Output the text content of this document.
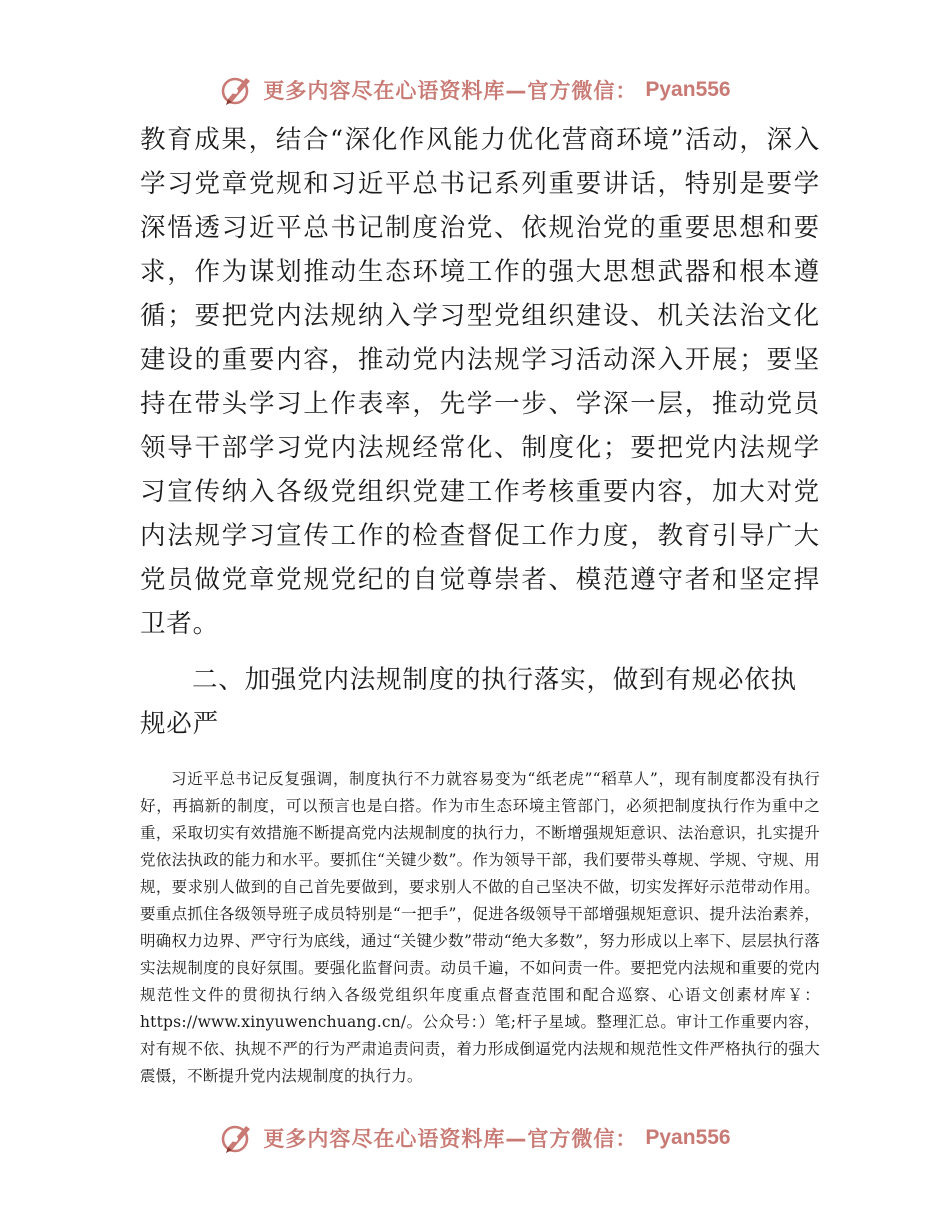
更多内容尽在心语资料库—官方微信： Pyan556

教育成果，结合“深化作风能力优化营商环境”活动，深入学习党章党规和习近平总书记系列重要讲话，特别是要学深悟透习近平总书记制度治党、依规治党的重要思想和要求，作为谋划推动生态环境工作的强大思想武器和根本遵循；要把党内法规纳入学习型党组织建设、机关法治文化建设的重要内容，推动党内法规学习活动深入开展；要坚持在带头学习上作表率，先学一步、学深一层，推动党员领导干部学习党内法规经常化、制度化；要把党内法规学习宣传纳入各级党组织党建工作考核重要内容，加大对党内法规学习宣传工作的检查督促工作力度，教育引导广大党员做党章党规党纪的自觉尊崇者、模范遵守者和坚定捍卫者。

二、加强党内法规制度的执行落实，做到有规必依执规必严

习近平总书记反复强调，制度执行不力就容易变为“纸老虎”“稻草人”，现有制度都没有执行好，再搞新的制度，可以预言也是白搭。作为市生态环境主管部门，必须把制度执行作为重中之重，采取切实有效措施不断提高党内法规制度的执行力，不断增强规矩意识、法治意识，扎实提升党依法执政的能力和水平。要抓住“关键少数”。作为领导干部，我们要带头尊规、学规、守规、用规，要求别人做到的自己首先要做到，要求别人不做的自己坚决不做，切实发挥好示范带动作用。要重点抓住各级领导班子成员特别是“一把手”，促进各级领导干部增强规矩意识、提升法治素养，明确权力边界、严守行为底线，通过“关键少数”带动“绝大多数”，努力形成以上率下、层层执行落实法规制度的良好氛围。要强化监督问责。动员千遍，不如问责一件。要把党内法规和重要的党内规范性文件的贯彻执行纳入各级党组织年度重点督查范围和配合巡察、心语文创素材库￥：https://www.xinyuwenchuang.cn/。公众号：）笔;杆子星域。整理汇总。审计工作重要内容，对有规不依、执规不严的行为严肃追责问责，着力形成倒逼党内法规和规范性文件严格执行的强大震慑，不断提升党内法规制度的执行力。

更多内容尽在心语资料库—官方微信： Pyan556
